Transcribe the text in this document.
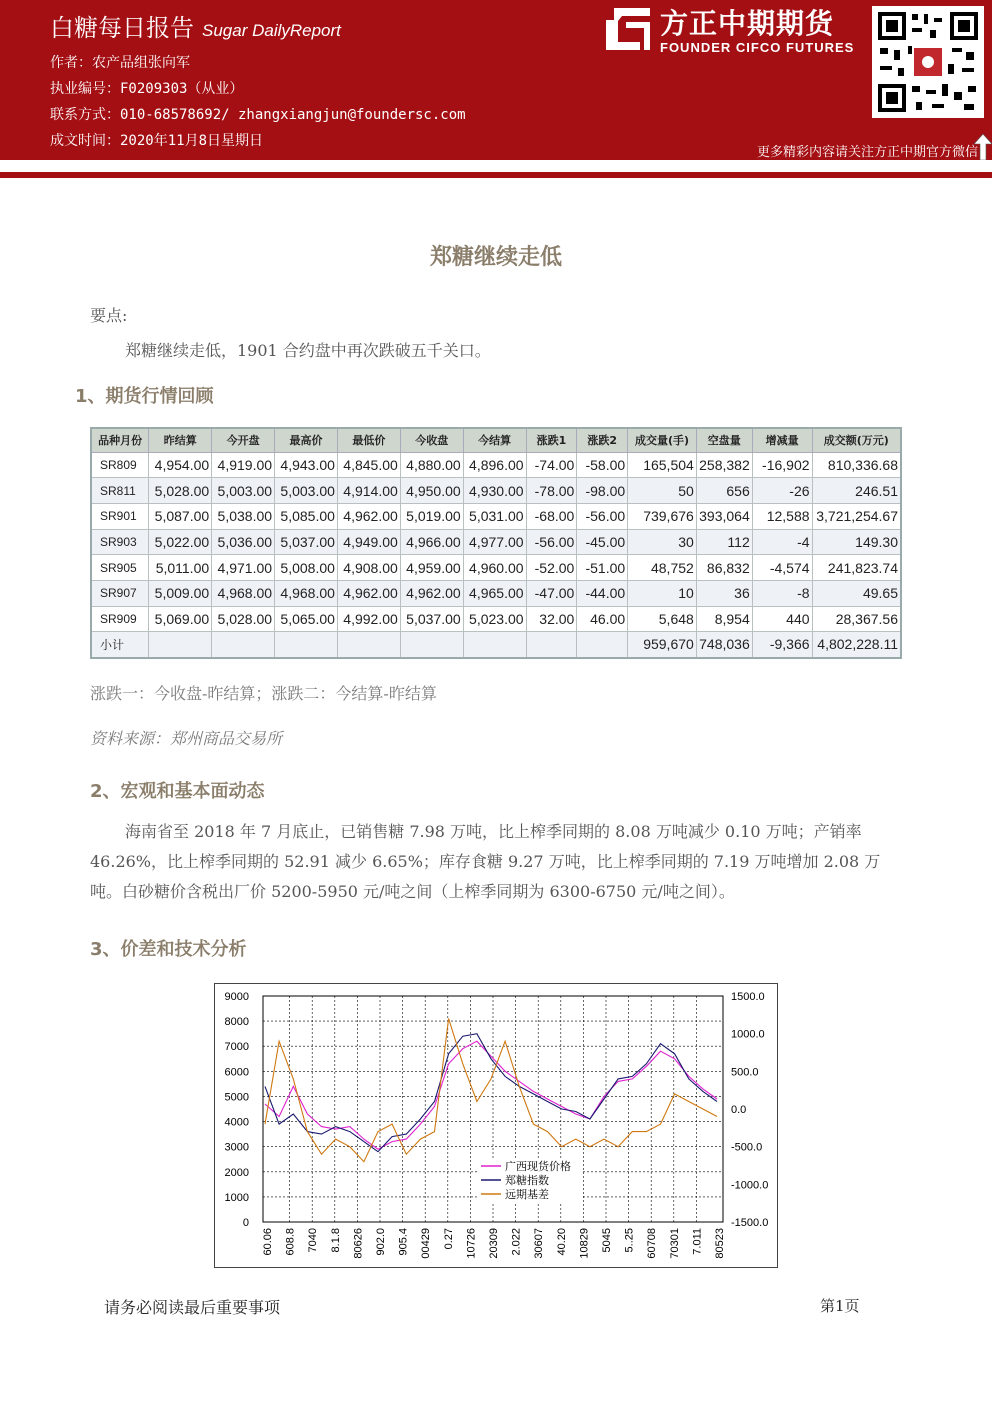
白糖每日报告 Sugar DailyReport
作者：农产品组张向军
执业编号：F0209303（从业）
联系方式：010-68578692/ zhangxiangjun@foundersc.com
成文时间：2020年11月8日星期日
方正中期期货
FOUNDER CIFCO FUTURES
更多精彩内容请关注方正中期官方微信
郑糖继续走低
要点:
郑糖继续走低，1901 合约盘中再次跌破五千关口。
1、期货行情回顾
品种月份	昨结算	今开盘	最高价	最低价	今收盘	今结算	涨跌1	涨跌2	成交量(手)	空盘量	增减量	成交额(万元)
SR809	4,954.00	4,919.00	4,943.00	4,845.00	4,880.00	4,896.00	-74.00	-58.00	165,504	258,382	-16,902	810,336.68
SR811	5,028.00	5,003.00	5,003.00	4,914.00	4,950.00	4,930.00	-78.00	-98.00	50	656	-26	246.51
SR901	5,087.00	5,038.00	5,085.00	4,962.00	5,019.00	5,031.00	-68.00	-56.00	739,676	393,064	12,588	3,721,254.67
SR903	5,022.00	5,036.00	5,037.00	4,949.00	4,966.00	4,977.00	-56.00	-45.00	30	112	-4	149.30
SR905	5,011.00	4,971.00	5,008.00	4,908.00	4,959.00	4,960.00	-52.00	-51.00	48,752	86,832	-4,574	241,823.74
SR907	5,009.00	4,968.00	4,968.00	4,962.00	4,962.00	4,965.00	-47.00	-44.00	10	36	-8	49.65
SR909	5,069.00	5,028.00	5,065.00	4,992.00	5,037.00	5,023.00	32.00	46.00	5,648	8,954	440	28,367.56
小计									959,670	748,036	-9,366	4,802,228.11
涨跌一：今收盘-昨结算；涨跌二：今结算-昨结算
资料来源：郑州商品交易所
2、宏观和基本面动态
海南省至 2018 年 7 月底止，已销售糖 7.98 万吨，比上榨季同期的 8.08 万吨减少 0.10 万吨；产销率
46.26%，比上榨季同期的 52.91 减少 6.65%；库存食糖 9.27 万吨，比上榨季同期的 7.19 万吨增加 2.08 万
吨。白砂糖价含税出厂价 5200-5950 元/吨之间（上榨季同期为 6300-6750 元/吨之间）。
3、价差和技术分析
9000
8000
7000
6000
5000
4000
3000
2000
1000
0
1500.0
1000.0
500.0
0.0
-500.0
-1000.0
-1500.0
60.06 608.8 7040 8.1.8 80626 902.0 905.4 00429 0.27 10726 20309 2.022 30607 40.20 10829 5045 5..25 60708 70301 7.011 80523
广西现货价格
郑糖指数
远期基差
请务必阅读最后重要事项	第1页
